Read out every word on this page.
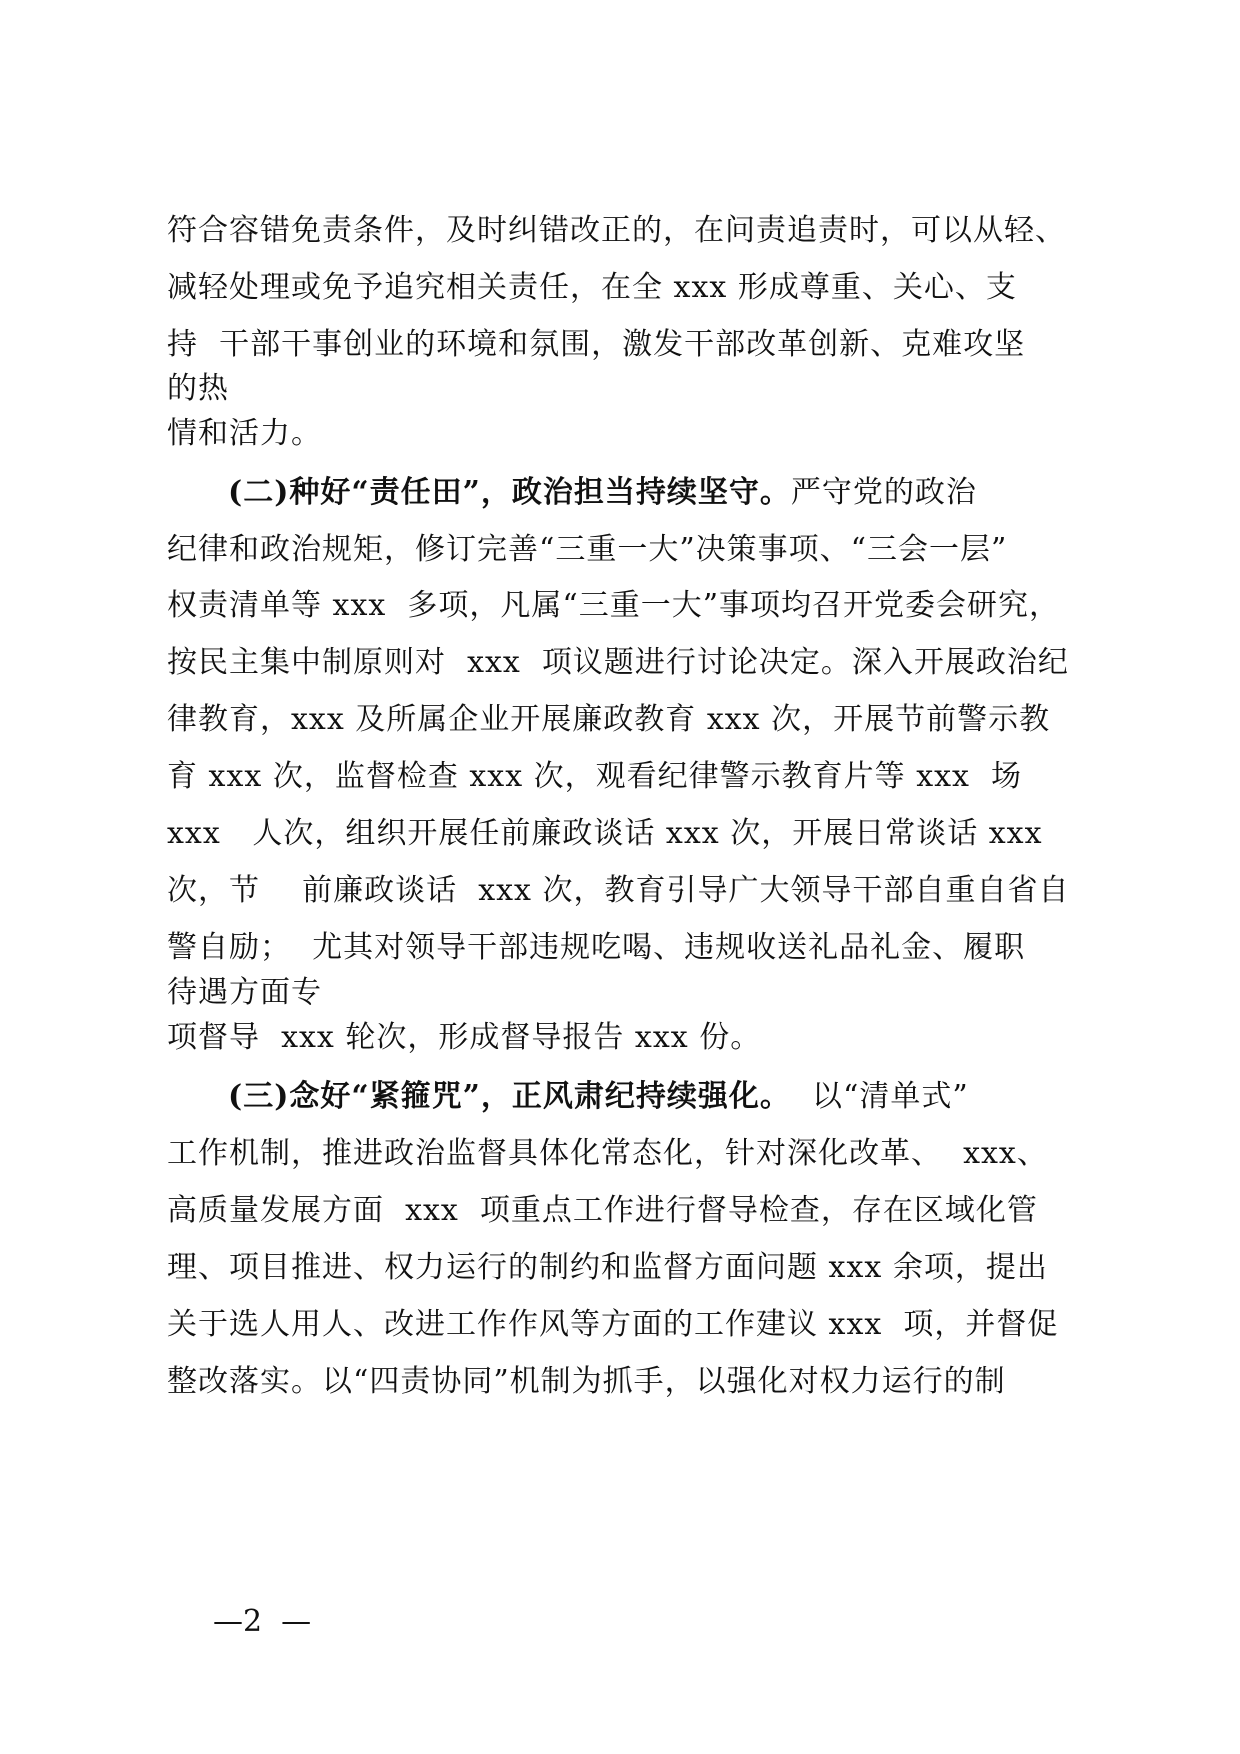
符合容错免责条件，及时纠错改正的，在问责追责时，可以从轻、
减轻处理或免予追究相关责任，在全 xxx 形成尊重、关心、支
持  干部干事创业的环境和氛围，激发干部改革创新、克难攻坚
的热
情和活力。
(二)种好“责任田”，政治担当持续坚守。严守党的政治
纪律和政治规矩，修订完善“三重一大”决策事项、“三会一层”
权责清单等 xxx  多项，凡属“三重一大”事项均召开党委会研究，
按民主集中制原则对  xxx  项议题进行讨论决定。深入开展政治纪
律教育，xxx 及所属企业开展廉政教育 xxx 次，开展节前警示教
育 xxx 次，监督检查 xxx 次，观看纪律警示教育片等 xxx  场
xxx   人次，组织开展任前廉政谈话 xxx 次，开展日常谈话 xxx
次，节    前廉政谈话  xxx 次，教育引导广大领导干部自重自省自
警自励；  尤其对领导干部违规吃喝、违规收送礼品礼金、履职
待遇方面专
项督导  xxx 轮次，形成督导报告 xxx 份。
(三)念好“紧箍咒”，正风肃纪持续强化。  以“清单式”
工作机制，推进政治监督具体化常态化，针对深化改革、  xxx、
高质量发展方面  xxx  项重点工作进行督导检查，存在区域化管
理、项目推进、权力运行的制约和监督方面问题 xxx 余项，提出
关于选人用人、改进工作作风等方面的工作建议 xxx  项，并督促
整改落实。以“四责协同”机制为抓手，以强化对权力运行的制
—2  —
